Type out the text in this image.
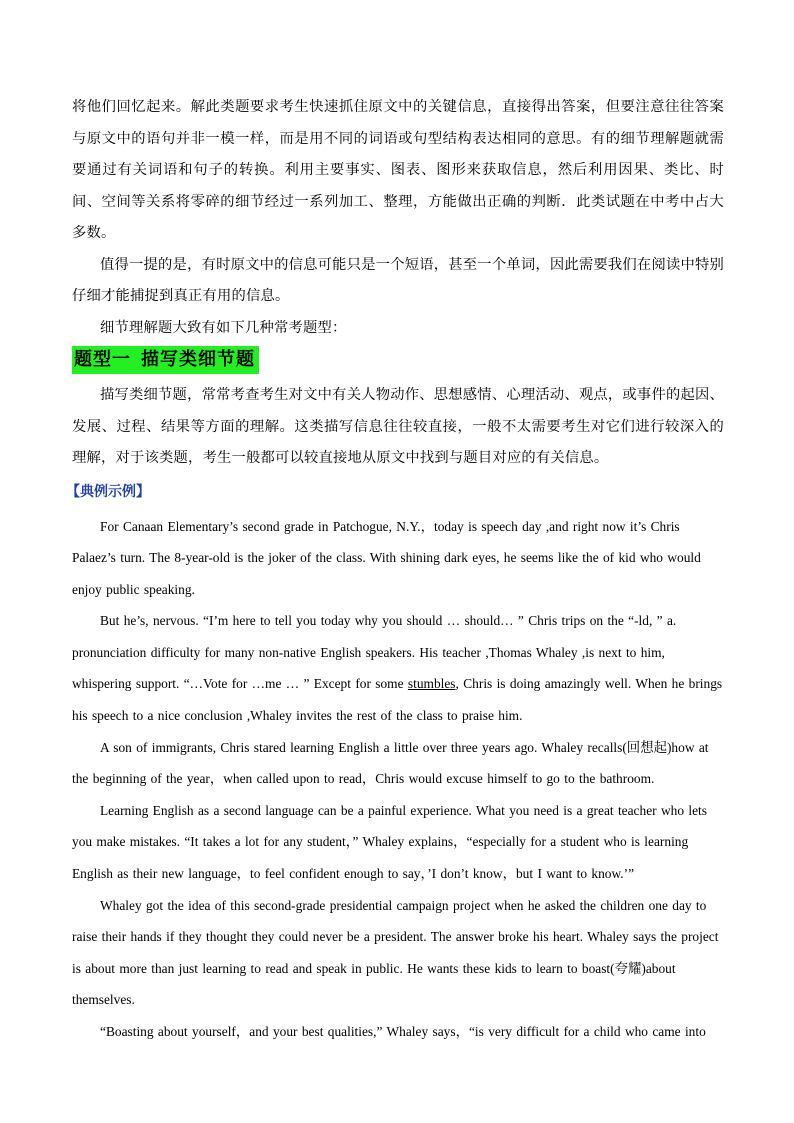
将他们回忆起来。解此类题要求考生快速抓住原文中的关键信息，直接得出答案，但要注意往往答案与原文中的语句并非一模一样，而是用不同的词语或句型结构表达相同的意思。有的细节理解题就需要通过有关词语和句子的转换。利用主要事实、图表、图形来获取信息，然后利用因果、类比、时间、空间等关系将零碎的细节经过一系列加工、整理，方能做出正确的判断．此类试题在中考中占大多数。

值得一提的是，有时原文中的信息可能只是一个短语，甚至一个单词，因此需要我们在阅读中特别仔细才能捕捉到真正有用的信息。

细节理解题大致有如下几种常考题型：

题型一 描写类细节题

描写类细节题，常常考查考生对文中有关人物动作、思想感情、心理活动、观点，或事件的起因、发展、过程、结果等方面的理解。这类描写信息往往较直接，一般不太需要考生对它们进行较深入的理解，对于该类题，考生一般都可以较直接地从原文中找到与题目对应的有关信息。

【典例示例】

For Canaan Elementary’s second grade in Patchogue, N.Y.，today is speech day ,and right now it’s Chris Palaez’s turn. The 8-year-old is the joker of the class. With shining dark eyes, he seems like the of kid who would enjoy public speaking.

But he’s, nervous. “I’m here to tell you today why you should … should… ” Chris trips on the “-ld, ” a. pronunciation difficulty for many non-native English speakers. His teacher ,Thomas Whaley ,is next to him, whispering support. “…Vote for …me … ” Except for some stumbles, Chris is doing amazingly well. When he brings his speech to a nice conclusion ,Whaley invites the rest of the class to praise him.

A son of immigrants, Chris stared learning English a little over three years ago. Whaley recalls(回想起)how at the beginning of the year，when called upon to read，Chris would excuse himself to go to the bathroom.

Learning English as a second language can be a painful experience. What you need is a great teacher who lets you make mistakes. “It takes a lot for any student，” Whaley explains，“especially for a student who is learning English as their new language，to feel confident enough to say，’I don’t know，but I want to know.’”

Whaley got the idea of this second-grade presidential campaign project when he asked the children one day to raise their hands if they thought they could never be a president. The answer broke his heart. Whaley says the project is about more than just learning to read and speak in public. He wants these kids to learn to boast(夸耀)about themselves.

“Boasting about yourself，and your best qualities,” Whaley says，“is very difficult for a child who came into
